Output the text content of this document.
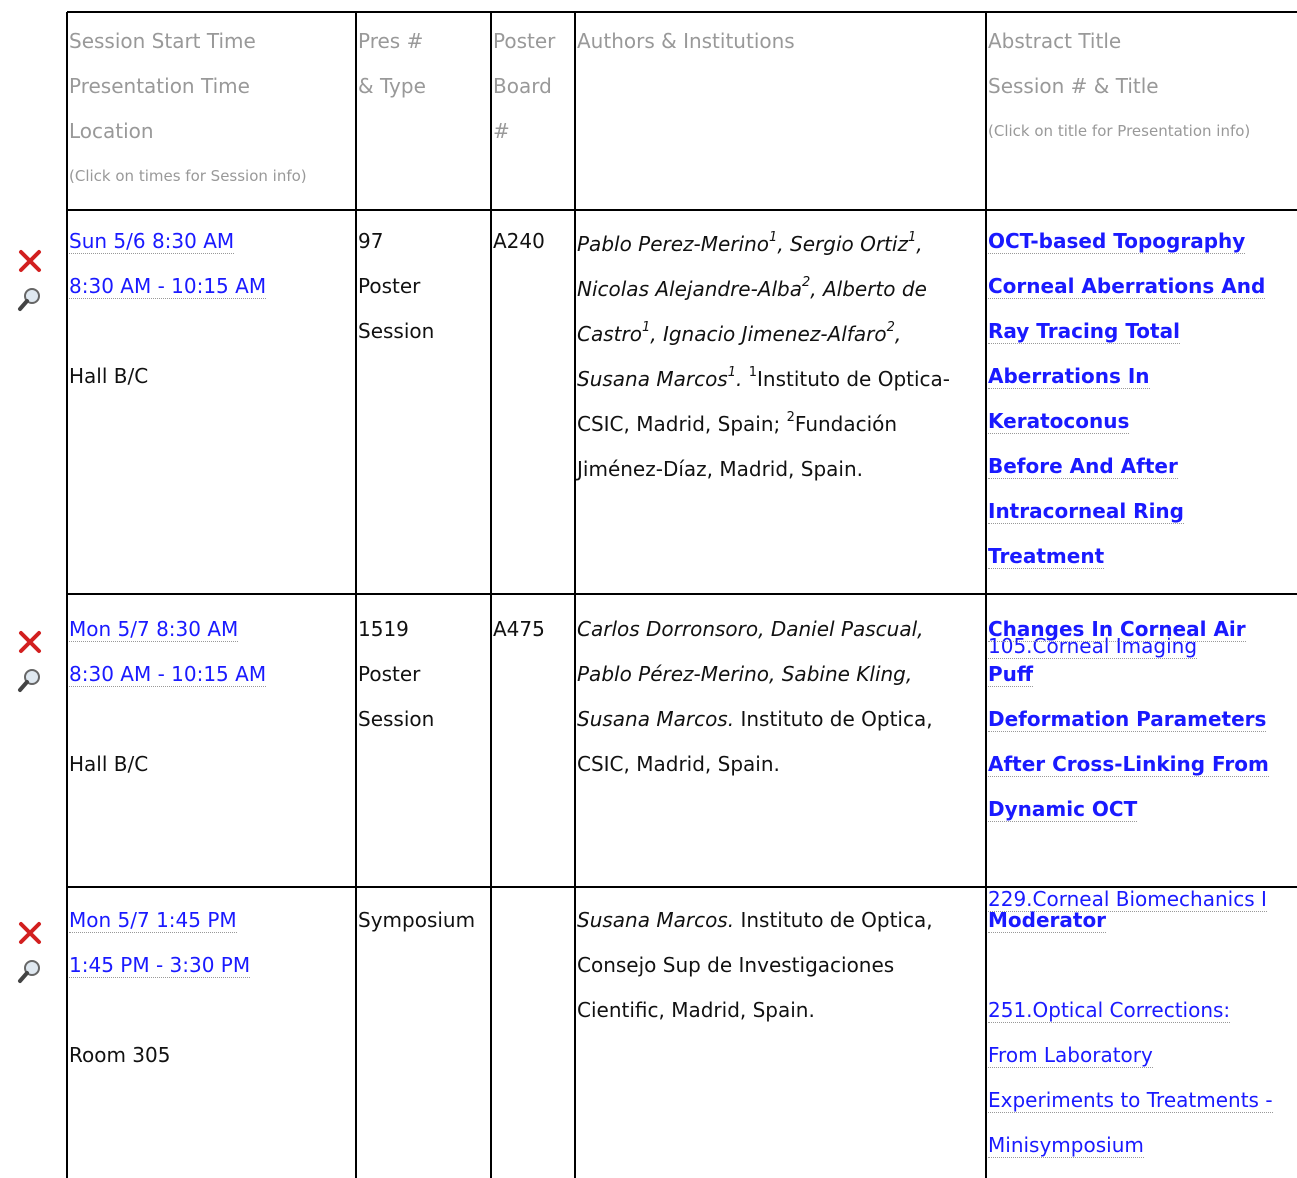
Session Start Time
Presentation Time
Location
(Click on times for Session info)
Pres #
& Type
Poster
Board
#
Authors & Institutions	Abstract Title
Session # & Title
(Click on title for Presentation info)
Sun 5/6 8:30 AM
8:30 AM - 10:15 AM

Hall B/C
97
Poster
Session
A240 Pablo Perez-Merino$^1$, Sergio Ortiz$^1$, Nicolas Alejandre-Alba$^2$, Alberto de Castro$^1$, Ignacio Jimenez-Alfaro$^2$, Susana Marcos$^1$. $^1$Instituto de Optica-CSIC, Madrid, Spain; $^2$Fundación Jiménez-Díaz, Madrid, Spain.
OCT-based Topography
Corneal Aberrations And
Ray Tracing Total
Aberrations In Keratoconus
Before And After
Intracorneal Ring Treatment

105.Corneal Imaging
Mon 5/7 8:30 AM
8:30 AM - 10:15 AM

Hall B/C
1519
Poster
Session
A475 Carlos Dorronsoro, Daniel Pascual,
Pablo Pérez-Merino, Sabine Kling,
Susana Marcos. Instituto de Optica,
CSIC, Madrid, Spain.
Changes In Corneal Air Puff
Deformation Parameters
After Cross-Linking From
Dynamic OCT

229.Corneal Biomechanics I
Mon 5/7 1:45 PM
1:45 PM - 3:30 PM

Room 305
Symposium	Susana Marcos. Instituto de Optica,
Consejo Sup de Investigaciones
Cientific, Madrid, Spain.
Moderator

251.Optical Corrections:
From Laboratory
Experiments to Treatments -
Minisymposium
